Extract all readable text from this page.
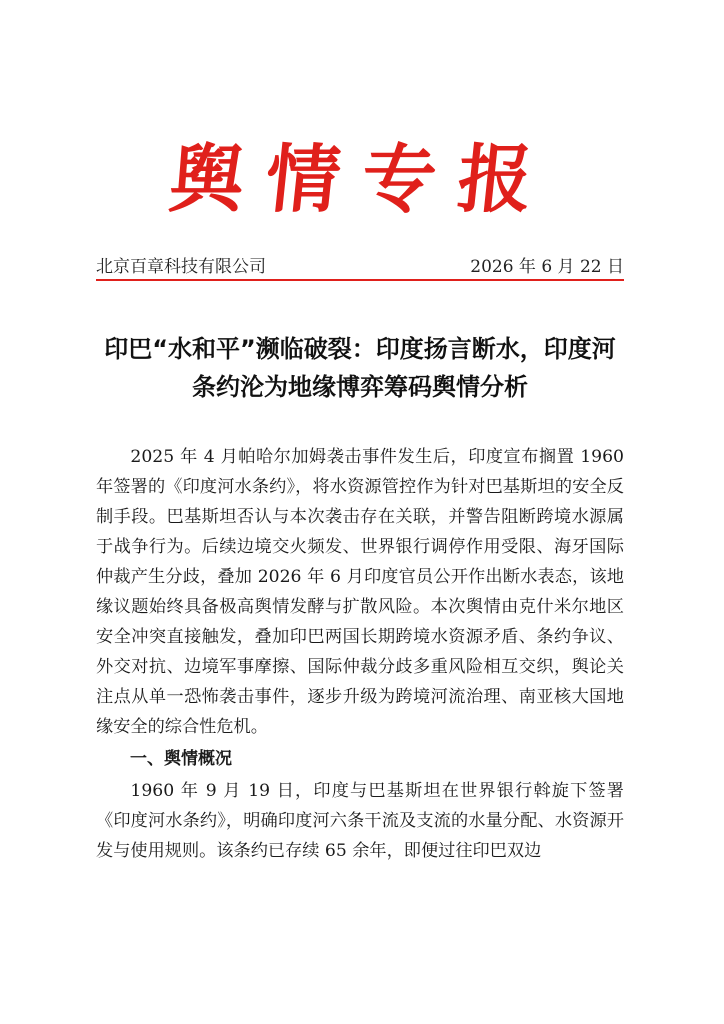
舆情专报
北京百章科技有限公司	2026 年 6 月 22 日
印巴“水和平”濒临破裂：印度扬言断水，印度河条约沦为地缘博弈筹码舆情分析

2025 年 4 月帕哈尔加姆袭击事件发生后，印度宣布搁置 1960 年签署的《印度河水条约》，将水资源管控作为针对巴基斯坦的安全反制手段。巴基斯坦否认与本次袭击存在关联，并警告阻断跨境水源属于战争行为。后续边境交火频发、世界银行调停作用受限、海牙国际仲裁产生分歧，叠加 2026 年 6 月印度官员公开作出断水表态，该地缘议题始终具备极高舆情发酵与扩散风险。本次舆情由克什米尔地区安全冲突直接触发，叠加印巴两国长期跨境水资源矛盾、条约争议、外交对抗、边境军事摩擦、国际仲裁分歧多重风险相互交织，舆论关注点从单一恐怖袭击事件，逐步升级为跨境河流治理、南亚核大国地缘安全的综合性危机。

一、舆情概况

1960 年 9 月 19 日，印度与巴基斯坦在世界银行斡旋下签署《印度河水条约》，明确印度河六条干流及支流的水量分配、水资源开发与使用规则。该条约已存续 65 余年，即便过往印巴双边
